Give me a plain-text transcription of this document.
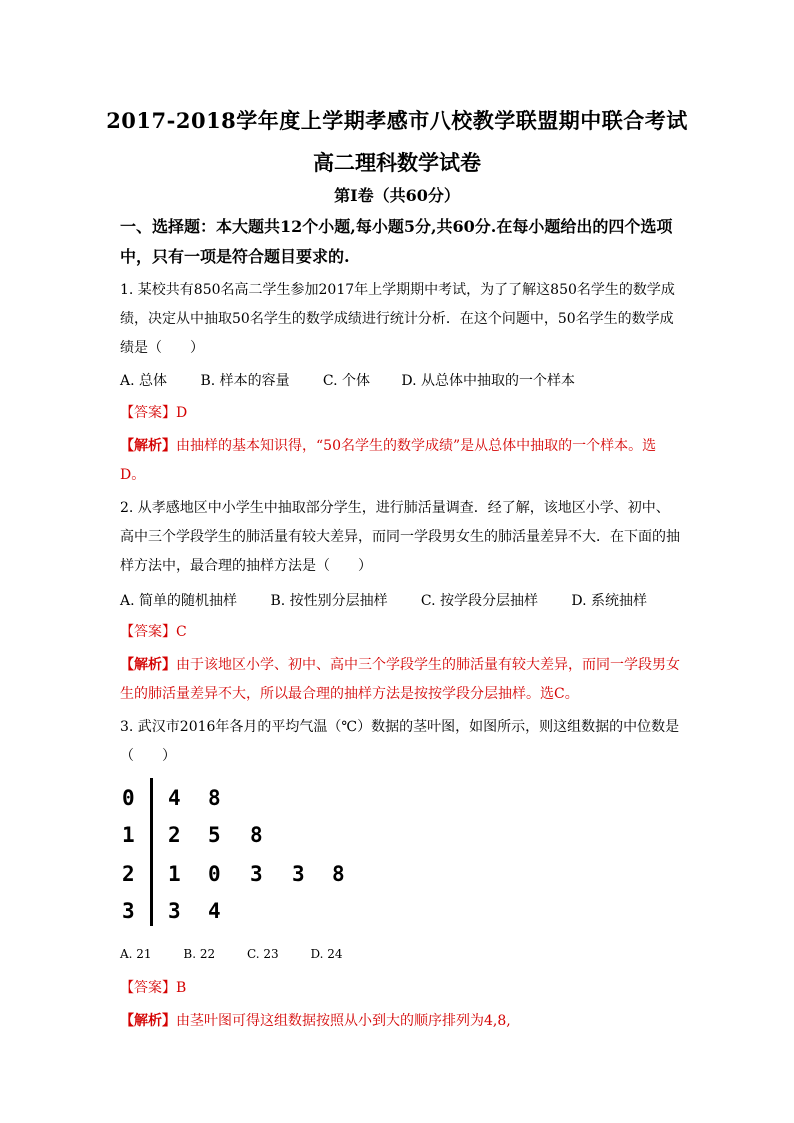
2017-2018学年度上学期孝感市八校教学联盟期中联合考试
高二理科数学试卷
第Ⅰ卷（共60分）
一、选择题：本大题共12个小题,每小题5分,共60分.在每小题给出的四个选项中，只有一项是符合题目要求的.
1. 某校共有850名高二学生参加2017年上学期期中考试，为了了解这850名学生的数学成绩，决定从中抽取50名学生的数学成绩进行统计分析．在这个问题中，50名学生的数学成绩是（　　）
A. 总体 B. 样本的容量 C. 个体 D. 从总体中抽取的一个样本
【答案】D
【解析】由抽样的基本知识得，“50名学生的数学成绩”是从总体中抽取的一个样本。选D。
2. 从孝感地区中小学生中抽取部分学生，进行肺活量调查．经了解，该地区小学、初中、高中三个学段学生的肺活量有较大差异，而同一学段男女生的肺活量差异不大．在下面的抽样方法中，最合理的抽样方法是（　　）
A. 简单的随机抽样 B. 按性别分层抽样 C. 按学段分层抽样 D. 系统抽样
【答案】C
【解析】由于该地区小学、初中、高中三个学段学生的肺活量有较大差异，而同一学段男女生的肺活量差异不大，所以最合理的抽样方法是按按学段分层抽样。选C。
3. 武汉市2016年各月的平均气温（℃）数据的茎叶图，如图所示，则这组数据的中位数是（　　）
0 4 8
1 2 5 8
2 1 0 3 3 8
3 3 4
A. 21	B. 22	C. 23	D. 24
【答案】B
【解析】由茎叶图可得这组数据按照从小到大的顺序排列为4,8,
